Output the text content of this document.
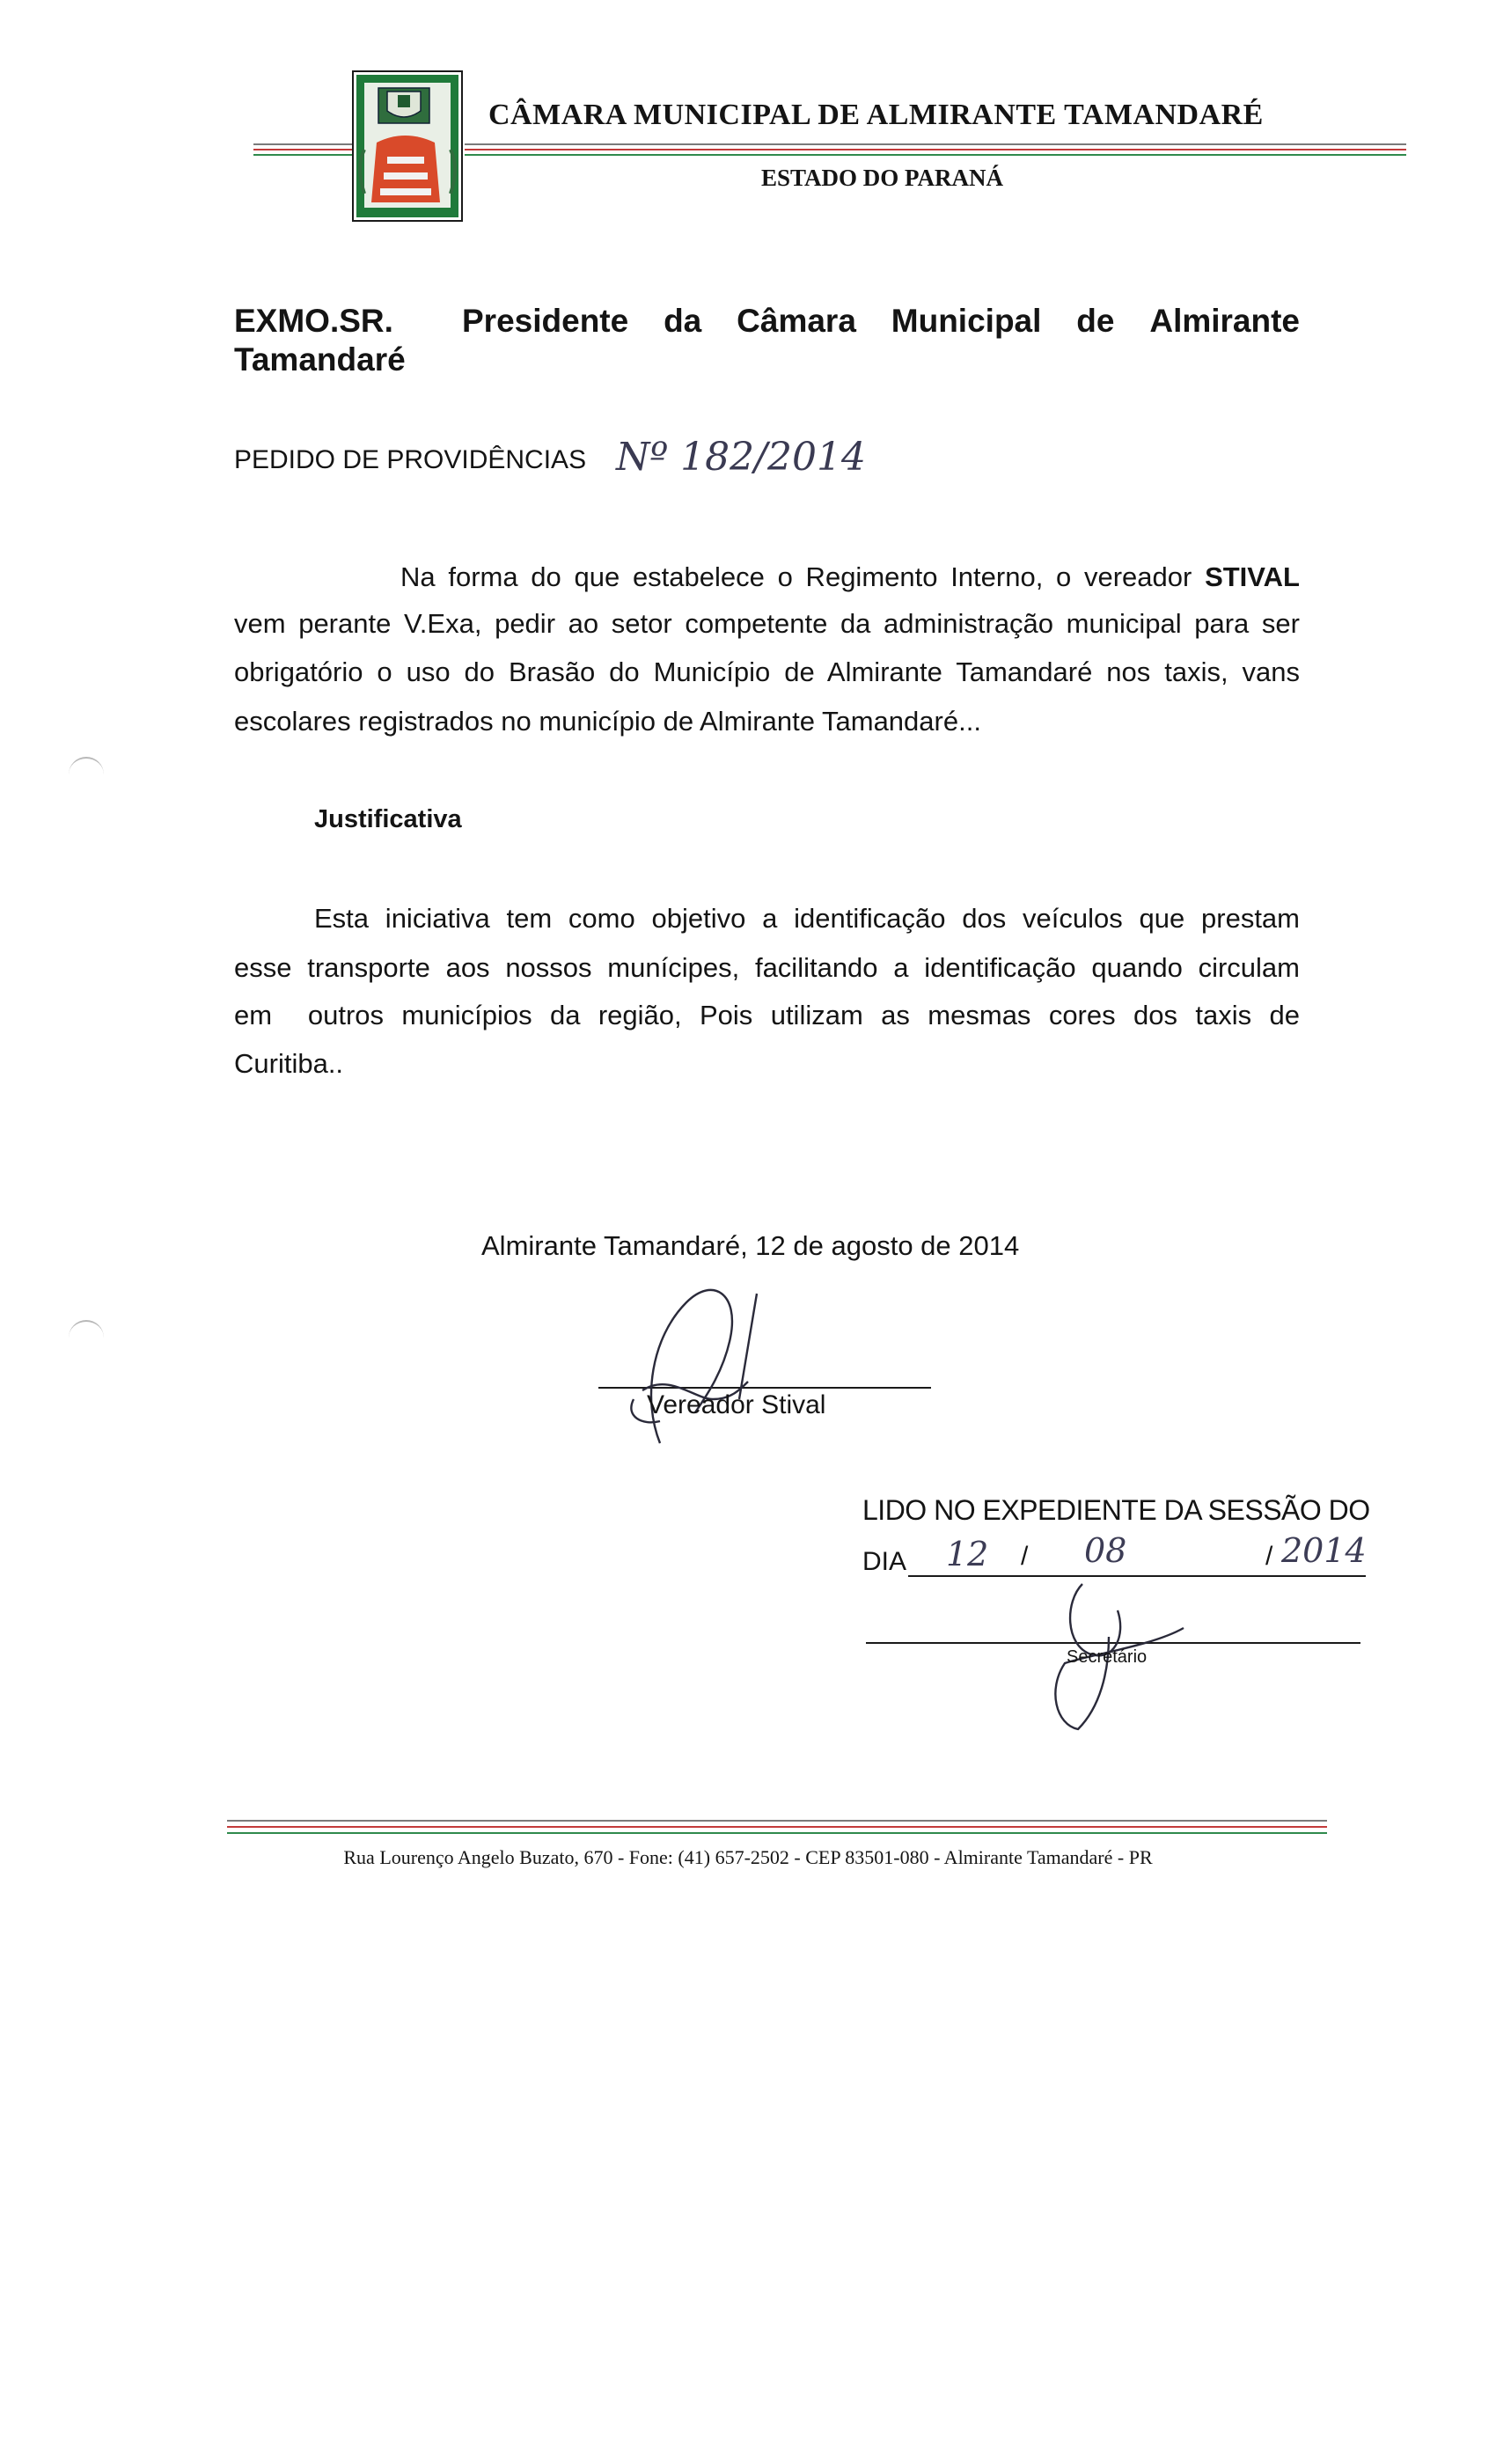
CÂMARA MUNICIPAL DE ALMIRANTE TAMANDARÉ
ESTADO DO PARANÁ
EXMO.SR. Presidente da Câmara Municipal de Almirante
Tamandaré
PEDIDO DE PROVIDÊNCIAS Nº 182/2014
Na forma do que estabelece o Regimento Interno, o vereador STIVAL
vem perante V.Exa, pedir ao setor competente da administração municipal para ser
obrigatório o uso do Brasão do Município de Almirante Tamandaré nos taxis, vans
escolares registrados no município de Almirante Tamandaré...
Justificativa
Esta iniciativa tem como objetivo a identificação dos veículos que prestam
esse transporte aos nossos munícipes, facilitando a identificação quando circulam
em  outros municípios da região, Pois utilizam as mesmas cores dos taxis de
Curitiba..
Almirante Tamandaré, 12 de agosto de 2014
Vereador Stival
LIDO NO EXPEDIENTE DA SESSÃO DO
DIA 12 / 08	/ 2014
Secretário
Rua Lourenço Angelo Buzato, 670 - Fone: (41) 657-2502 - CEP 83501-080 - Almirante Tamandaré - PR
